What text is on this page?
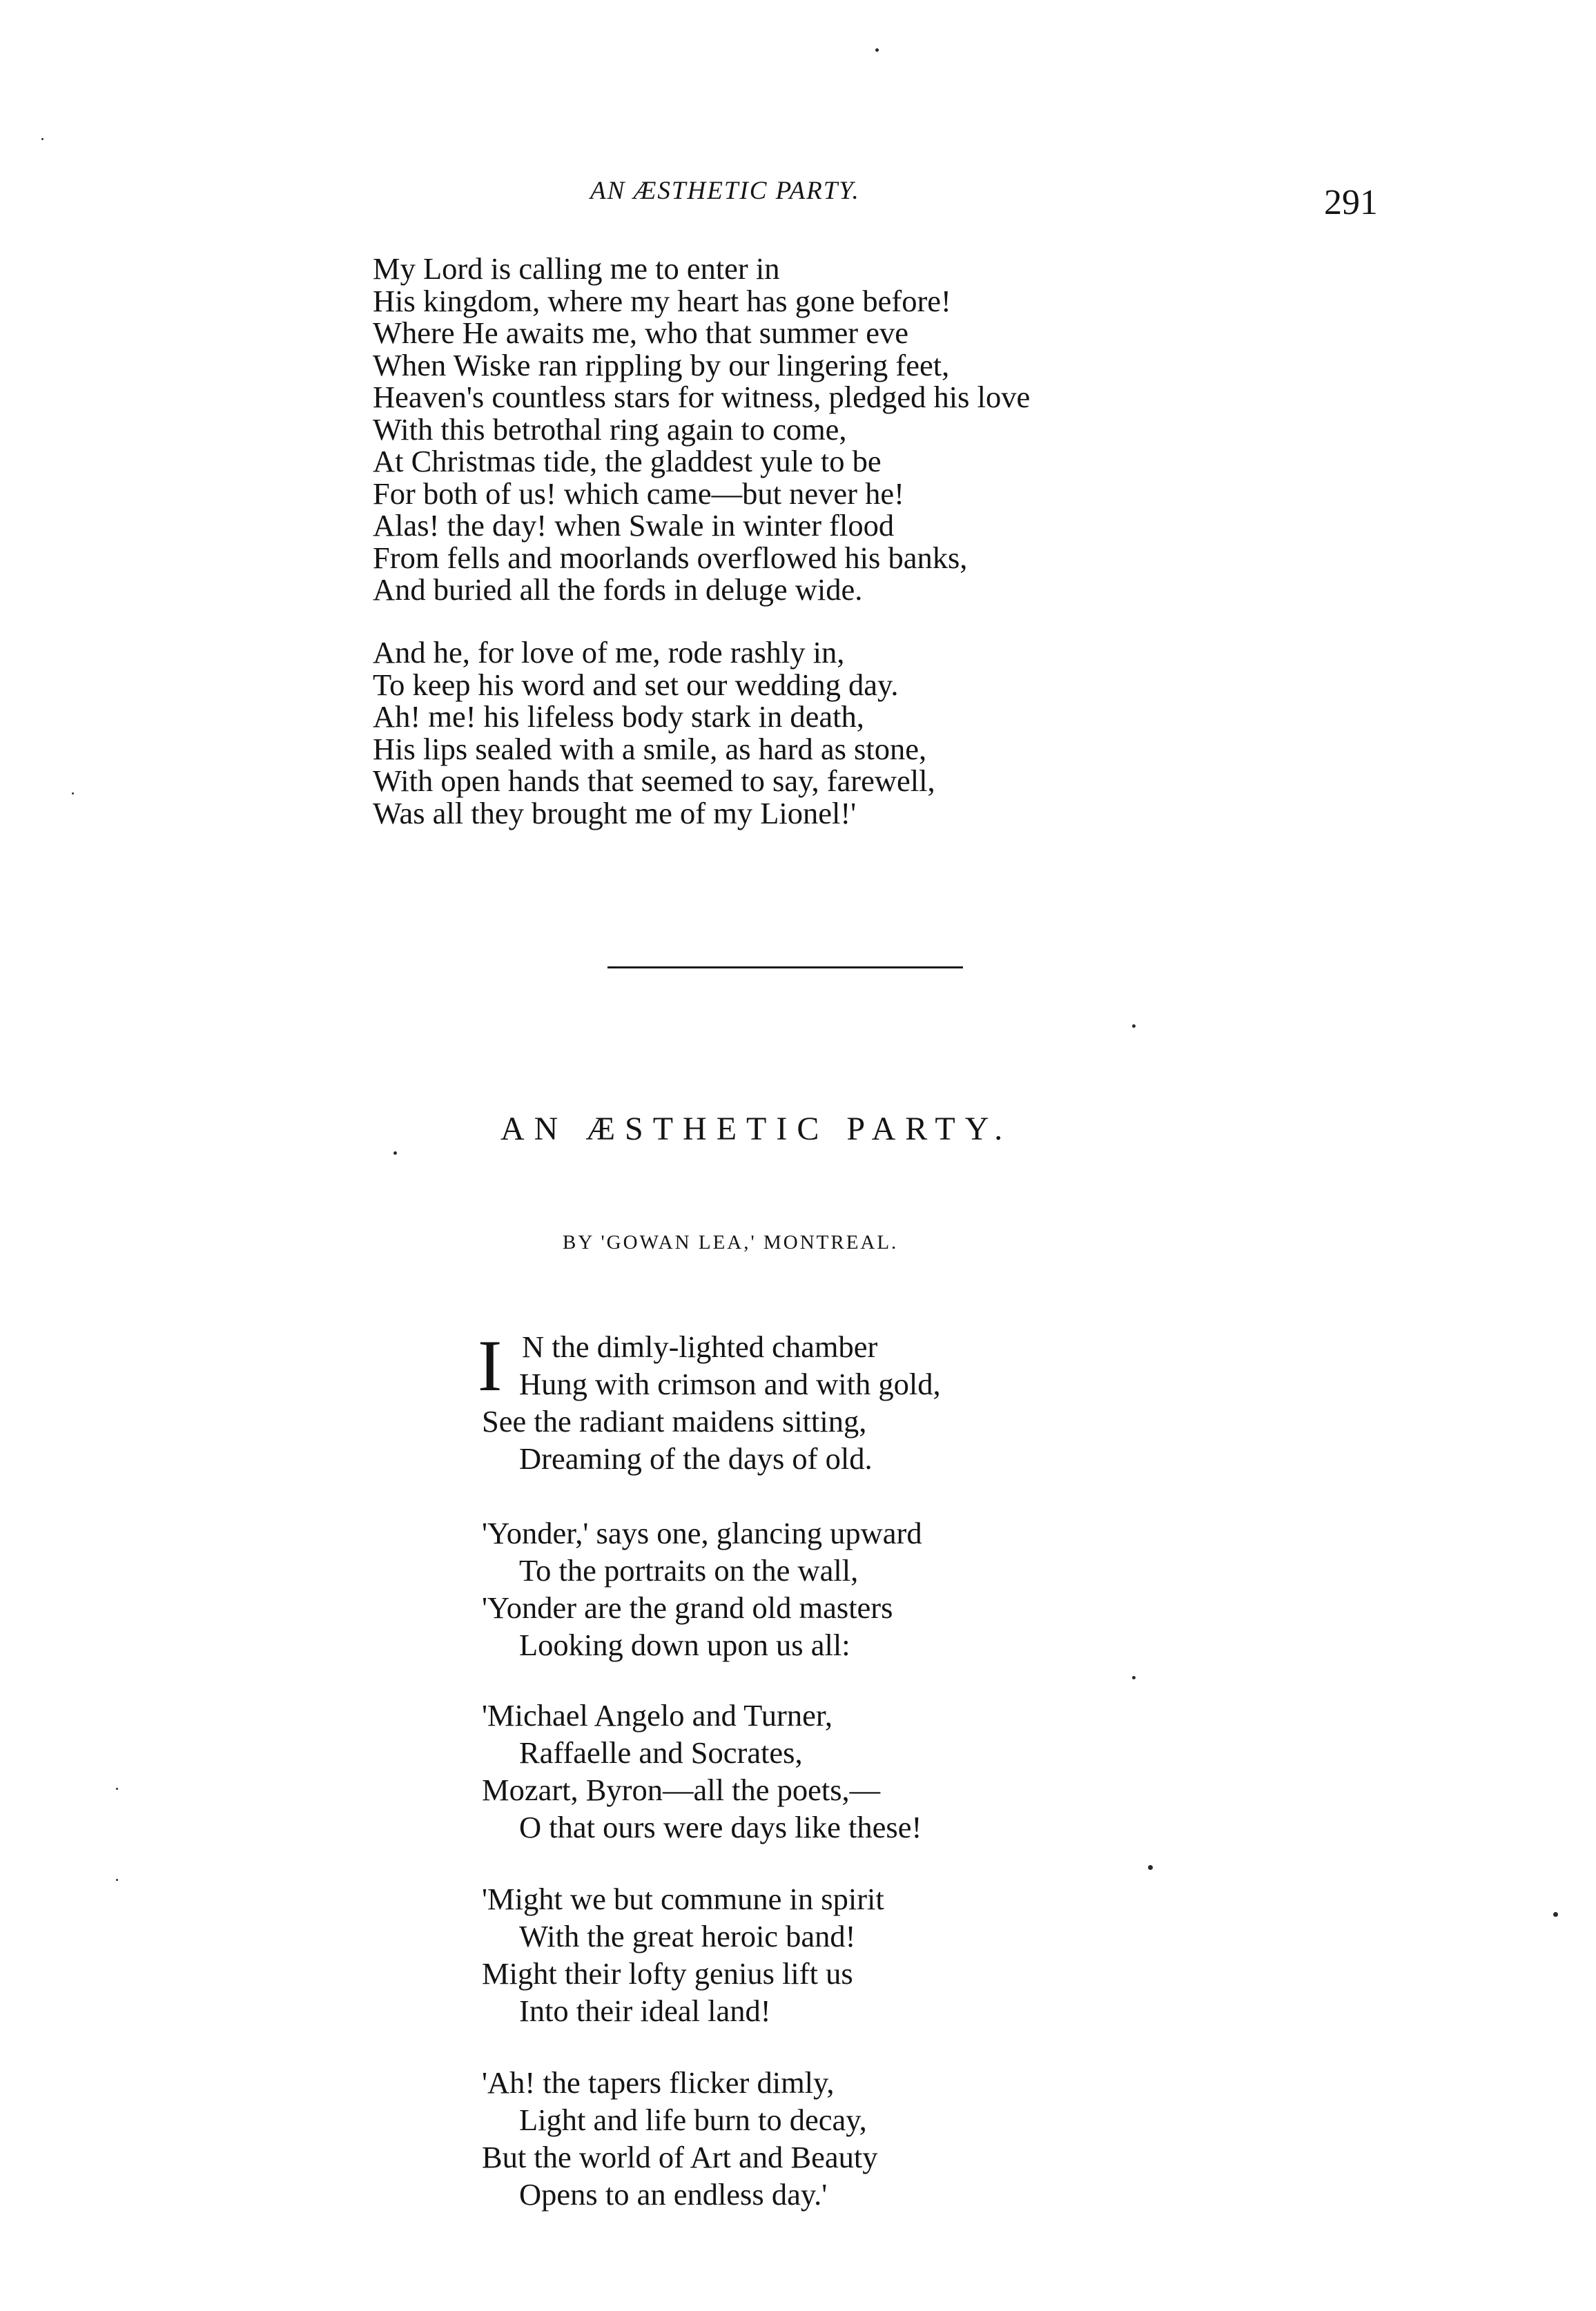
AN ÆSTHETIC PARTY.	291
My Lord is calling me to enter in
His kingdom, where my heart has gone before!
Where He awaits me, who that summer eve
When Wiske ran rippling by our lingering feet,
Heaven's countless stars for witness, pledged his love
With this betrothal ring again to come,
At Christmas tide, the gladdest yule to be
For both of us! which came—but never he!
Alas! the day! when Swale in winter flood
From fells and moorlands overflowed his banks,
And buried all the fords in deluge wide.
And he, for love of me, rode rashly in,
To keep his word and set our wedding day.
Ah! me! his lifeless body stark in death,
His lips sealed with a smile, as hard as stone,
With open hands that seemed to say, farewell,
Was all they brought me of my Lionel!'
AN ÆSTHETIC PARTY.
BY 'GOWAN LEA,' MONTREAL.
I N the dimly-lighted chamber
Hung with crimson and with gold,
See the radiant maidens sitting,
Dreaming of the days of old.
'Yonder,' says one, glancing upward
To the portraits on the wall,
'Yonder are the grand old masters
Looking down upon us all:
'Michael Angelo and Turner,
Raffaelle and Socrates,
Mozart, Byron—all the poets,—
O that ours were days like these!
'Might we but commune in spirit
With the great heroic band!
Might their lofty genius lift us
Into their ideal land!
'Ah! the tapers flicker dimly,
Light and life burn to decay,
But the world of Art and Beauty
Opens to an endless day.'
